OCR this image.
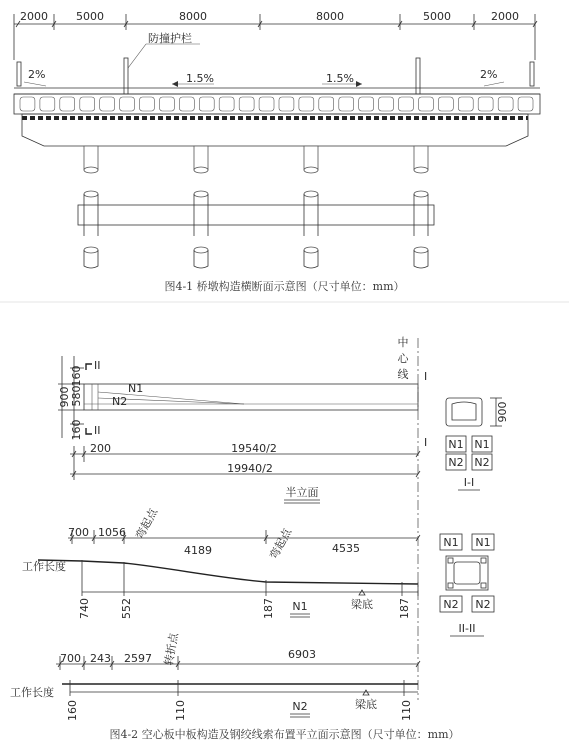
2000	5000	8000	8000	5000	2000
防撞护栏
2%	1.5%	1.5%	2%
图4-1 桥墩构造横断面示意图（尺寸单位：mm）
中
心
线
II
II
I
I
160
580
160
900	N1
N2
200	19540/2
19940/2
半立面
900
N1 N1
N2 N2
I-I
N1 N1
N2 N2
II-II
700 1056
4189	4535
弯起点
弯起点
工作长度
740	552	187	187
梁底
N1
700 243 2597	6903
转折点
工作长度
160	110	110
梁底
N2
图4-2 空心板中板构造及钢绞线索布置平立面示意图（尺寸单位：mm）
